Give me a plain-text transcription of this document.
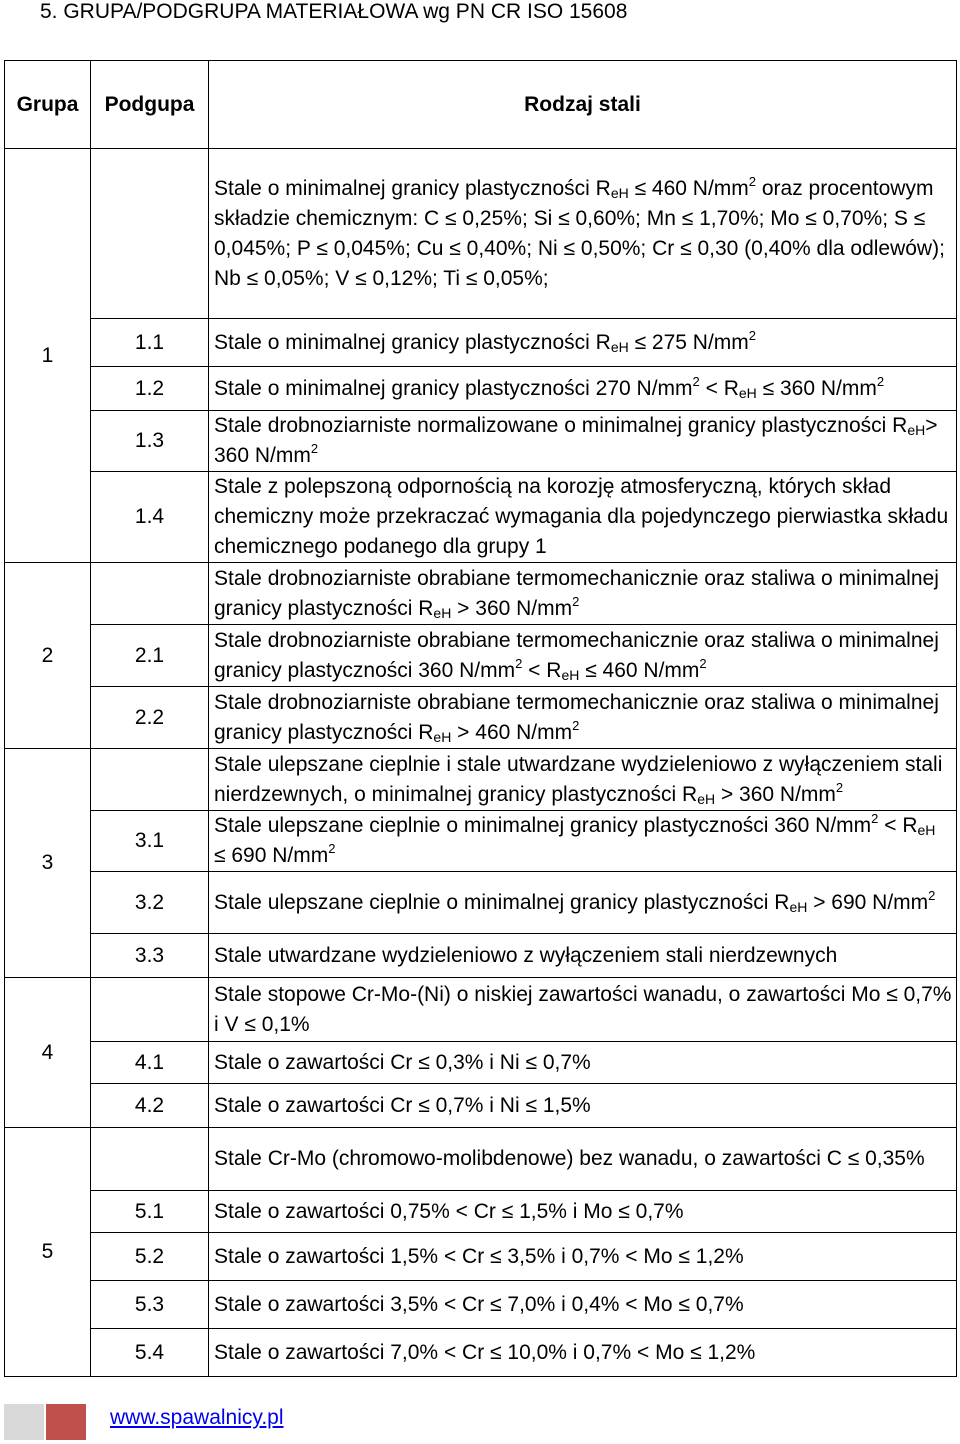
5. GRUPA/PODGRUPA MATERIAŁOWA wg PN CR ISO 15608
Grupa	Podgupa	Rodzaj stali
1		Stale o minimalnej granicy plastyczności $R_{eH} \le 460$ $N/mm^2$ oraz procentowym składzie chemicznym: C ≤ 0,25%; Si ≤ 0,60%; Mn ≤ 1,70%; Mo ≤ 0,70%; S ≤ 0,045%; P ≤ 0,045%; Cu ≤ 0,40%; Ni ≤ 0,50%; Cr ≤ 0,30 (0,40% dla odlewów); Nb ≤ 0,05%; V ≤ 0,12%; Ti ≤ 0,05%;
	1.1	Stale o minimalnej granicy plastyczności $R_{eH} \le 275$ $N/mm^2$
	1.2	Stale o minimalnej granicy plastyczności 270 $N/mm^2 < R_{eH} \le 360$ $N/mm^2$
	1.3	Stale drobnoziarniste normalizowane o minimalnej granicy plastyczności $R_{eH}> 360$ $N/mm^2$
	1.4	Stale z polepszoną odpornością na korozję atmosferyczną, których skład chemiczny może przekraczać wymagania dla pojedynczego pierwiastka składu chemicznego podanego dla grupy 1
2		Stale drobnoziarniste obrabiane termomechanicznie oraz staliwa o minimalnej granicy plastyczności $R_{eH} > 360$ $N/mm^2$
	2.1	Stale drobnoziarniste obrabiane termomechanicznie oraz staliwa o minimalnej granicy plastyczności 360 $N/mm^2 < R_{eH} \le 460$ $N/mm^2$
	2.2	Stale drobnoziarniste obrabiane termomechanicznie oraz staliwa o minimalnej granicy plastyczności $R_{eH} > 460$ $N/mm^2$
3		Stale ulepszane cieplnie i stale utwardzane wydzieleniowo z wyłączeniem stali nierdzewnych, o minimalnej granicy plastyczności $R_{eH} > 360$ $N/mm^2$
	3.1	Stale ulepszane cieplnie o minimalnej granicy plastyczności 360 $N/mm^2 < R_{eH} \le 690$ $N/mm^2$
	3.2	Stale ulepszane cieplnie o minimalnej granicy plastyczności $R_{eH} > 690$ $N/mm^2$
	3.3	Stale utwardzane wydzieleniowo z wyłączeniem stali nierdzewnych
4		Stale stopowe Cr-Mo-(Ni) o niskiej zawartości wanadu, o zawartości Mo ≤ 0,7% i V ≤ 0,1%
	4.1	Stale o zawartości Cr ≤ 0,3% i Ni ≤ 0,7%
	4.2	Stale o zawartości Cr ≤ 0,7% i Ni ≤ 1,5%
5		Stale Cr-Mo (chromowo-molibdenowe) bez wanadu, o zawartości C ≤ 0,35%
	5.1	Stale o zawartości 0,75% < Cr ≤ 1,5% i Mo ≤ 0,7%
	5.2	Stale o zawartości 1,5% < Cr ≤ 3,5% i 0,7% < Mo ≤ 1,2%
	5.3	Stale o zawartości 3,5% < Cr ≤ 7,0% i 0,4% < Mo ≤ 0,7%
	5.4	Stale o zawartości 7,0% < Cr ≤ 10,0% i 0,7% < Mo ≤ 1,2%
www.spawalnicy.pl
